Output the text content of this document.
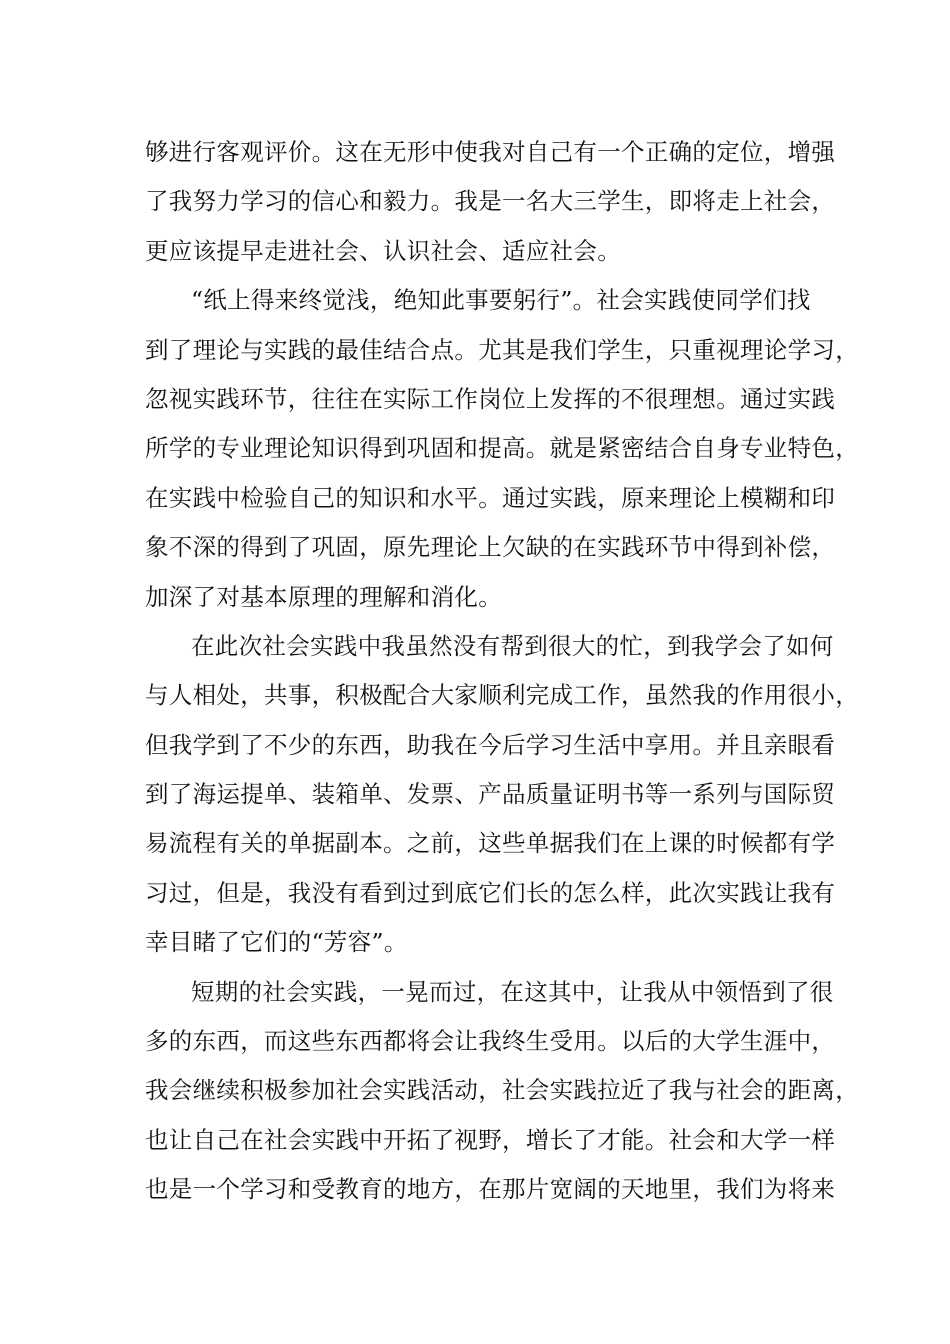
够进行客观评价。这在无形中使我对自己有一个正确的定位，增强
了我努力学习的信心和毅力。我是一名大三学生，即将走上社会，
更应该提早走进社会、认识社会、适应社会。
“纸上得来终觉浅，绝知此事要躬行”。社会实践使同学们找
到了理论与实践的最佳结合点。尤其是我们学生，只重视理论学习，
忽视实践环节，往往在实际工作岗位上发挥的不很理想。通过实践
所学的专业理论知识得到巩固和提高。就是紧密结合自身专业特色，
在实践中检验自己的知识和水平。通过实践，原来理论上模糊和印
象不深的得到了巩固，原先理论上欠缺的在实践环节中得到补偿，
加深了对基本原理的理解和消化。
在此次社会实践中我虽然没有帮到很大的忙，到我学会了如何
与人相处，共事，积极配合大家顺利完成工作，虽然我的作用很小，
但我学到了不少的东西，助我在今后学习生活中享用。并且亲眼看
到了海运提单、装箱单、发票、产品质量证明书等一系列与国际贸
易流程有关的单据副本。之前，这些单据我们在上课的时候都有学
习过，但是，我没有看到过到底它们长的怎么样，此次实践让我有
幸目睹了它们的“芳容”。
短期的社会实践，一晃而过，在这其中，让我从中领悟到了很
多的东西，而这些东西都将会让我终生受用。以后的大学生涯中，
我会继续积极参加社会实践活动，社会实践拉近了我与社会的距离，
也让自己在社会实践中开拓了视野，增长了才能。社会和大学一样
也是一个学习和受教育的地方，在那片宽阔的天地里，我们为将来
